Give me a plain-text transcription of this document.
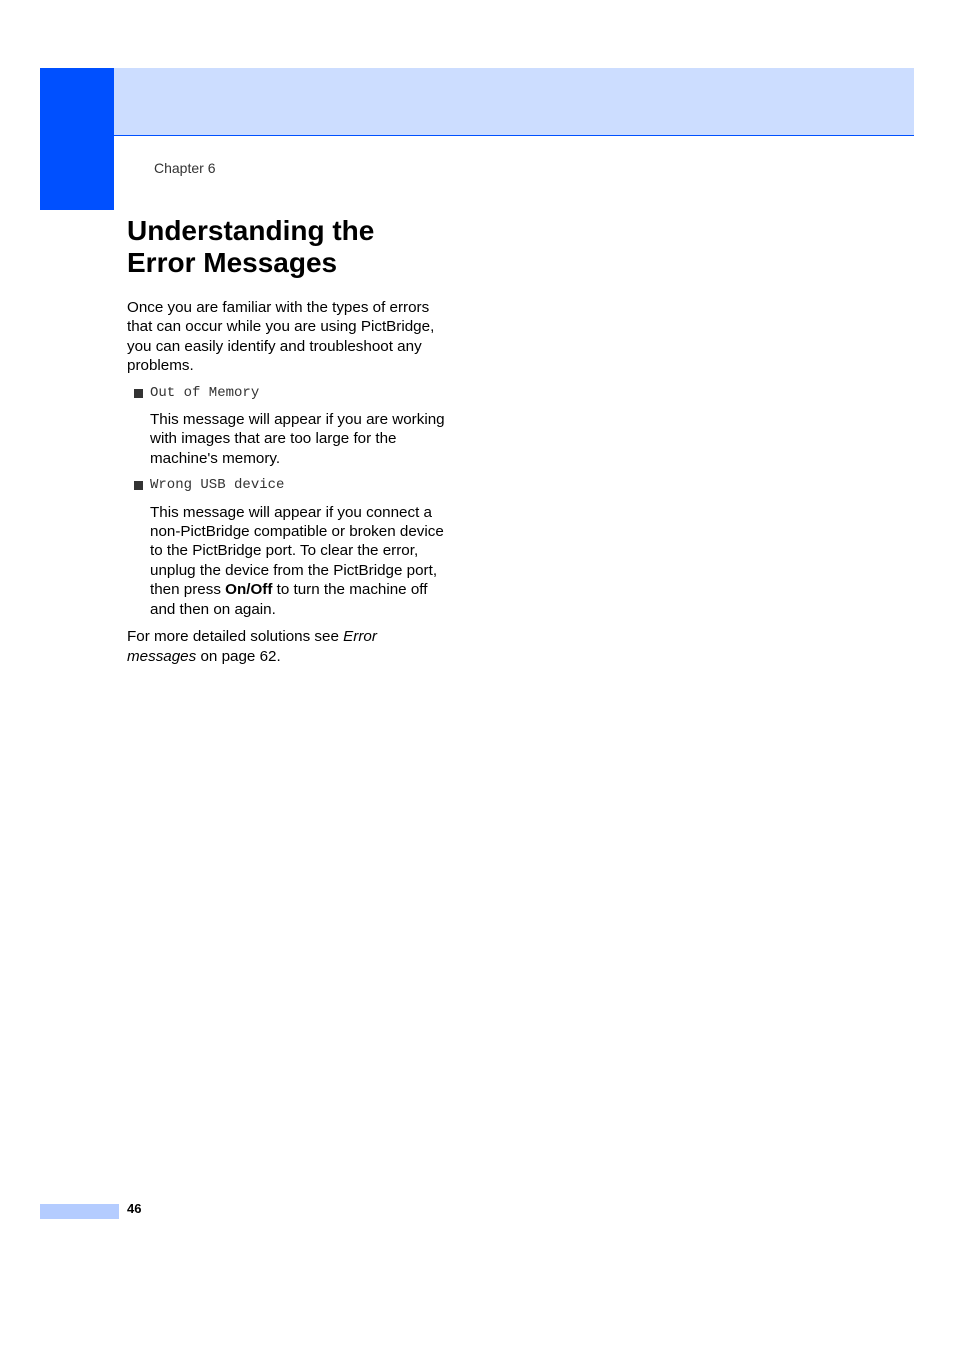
Chapter 6
Understanding the
Error Messages

Once you are familiar with the types of errors that can occur while you are using PictBridge, you can easily identify and troubleshoot any problems.

Out of Memory

This message will appear if you are working with images that are too large for the machine's memory.

Wrong USB device

This message will appear if you connect a non-PictBridge compatible or broken device to the PictBridge port. To clear the error, unplug the device from the PictBridge port, then press On/Off to turn the machine off and then on again.

For more detailed solutions see Error messages on page 62.

46
